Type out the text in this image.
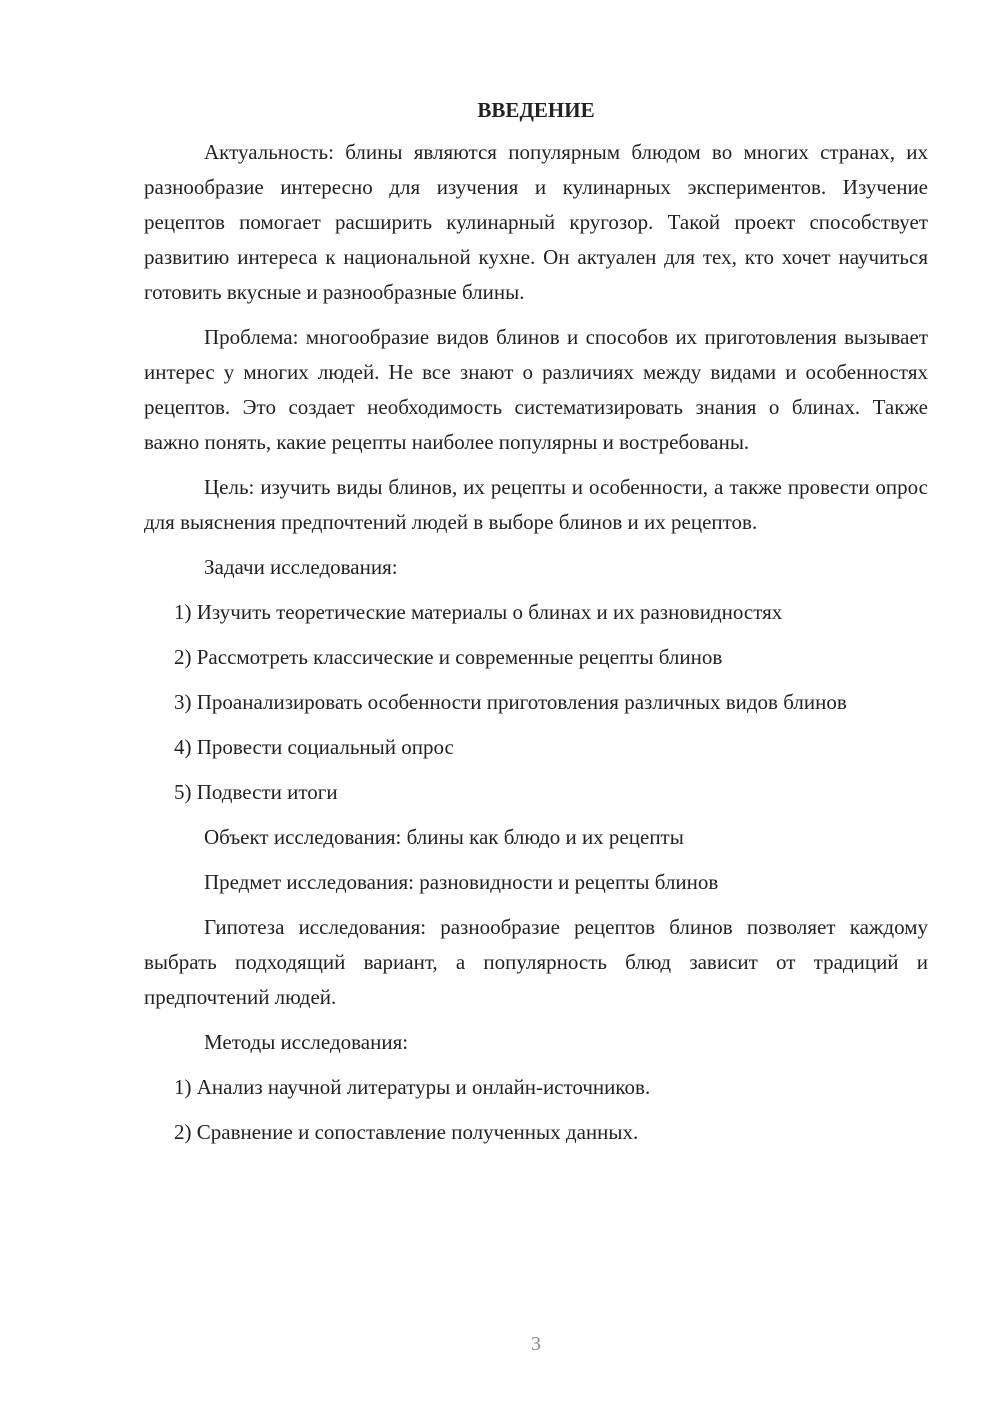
ВВЕДЕНИЕ

Актуальность: блины являются популярным блюдом во многих странах, их разнообразие интересно для изучения и кулинарных экспериментов. Изучение рецептов помогает расширить кулинарный кругозор. Такой проект способствует развитию интереса к национальной кухне. Он актуален для тех, кто хочет научиться готовить вкусные и разнообразные блины.

Проблема: многообразие видов блинов и способов их приготовления вызывает интерес у многих людей. Не все знают о различиях между видами и особенностях рецептов. Это создает необходимость систематизировать знания о блинах. Также важно понять, какие рецепты наиболее популярны и востребованы.

Цель: изучить виды блинов, их рецепты и особенности, а также провести опрос для выяснения предпочтений людей в выборе блинов и их рецептов.

Задачи исследования:

1) Изучить теоретические материалы о блинах и их разновидностях

2) Рассмотреть классические и современные рецепты блинов

3) Проанализировать особенности приготовления различных видов блинов

4) Провести социальный опрос

5) Подвести итоги

Объект исследования: блины как блюдо и их рецепты

Предмет исследования: разновидности и рецепты блинов

Гипотеза исследования: разнообразие рецептов блинов позволяет каждому выбрать подходящий вариант, а популярность блюд зависит от традиций и предпочтений людей.

Методы исследования:

1) Анализ научной литературы и онлайн-источников.

2) Сравнение и сопоставление полученных данных.

3
